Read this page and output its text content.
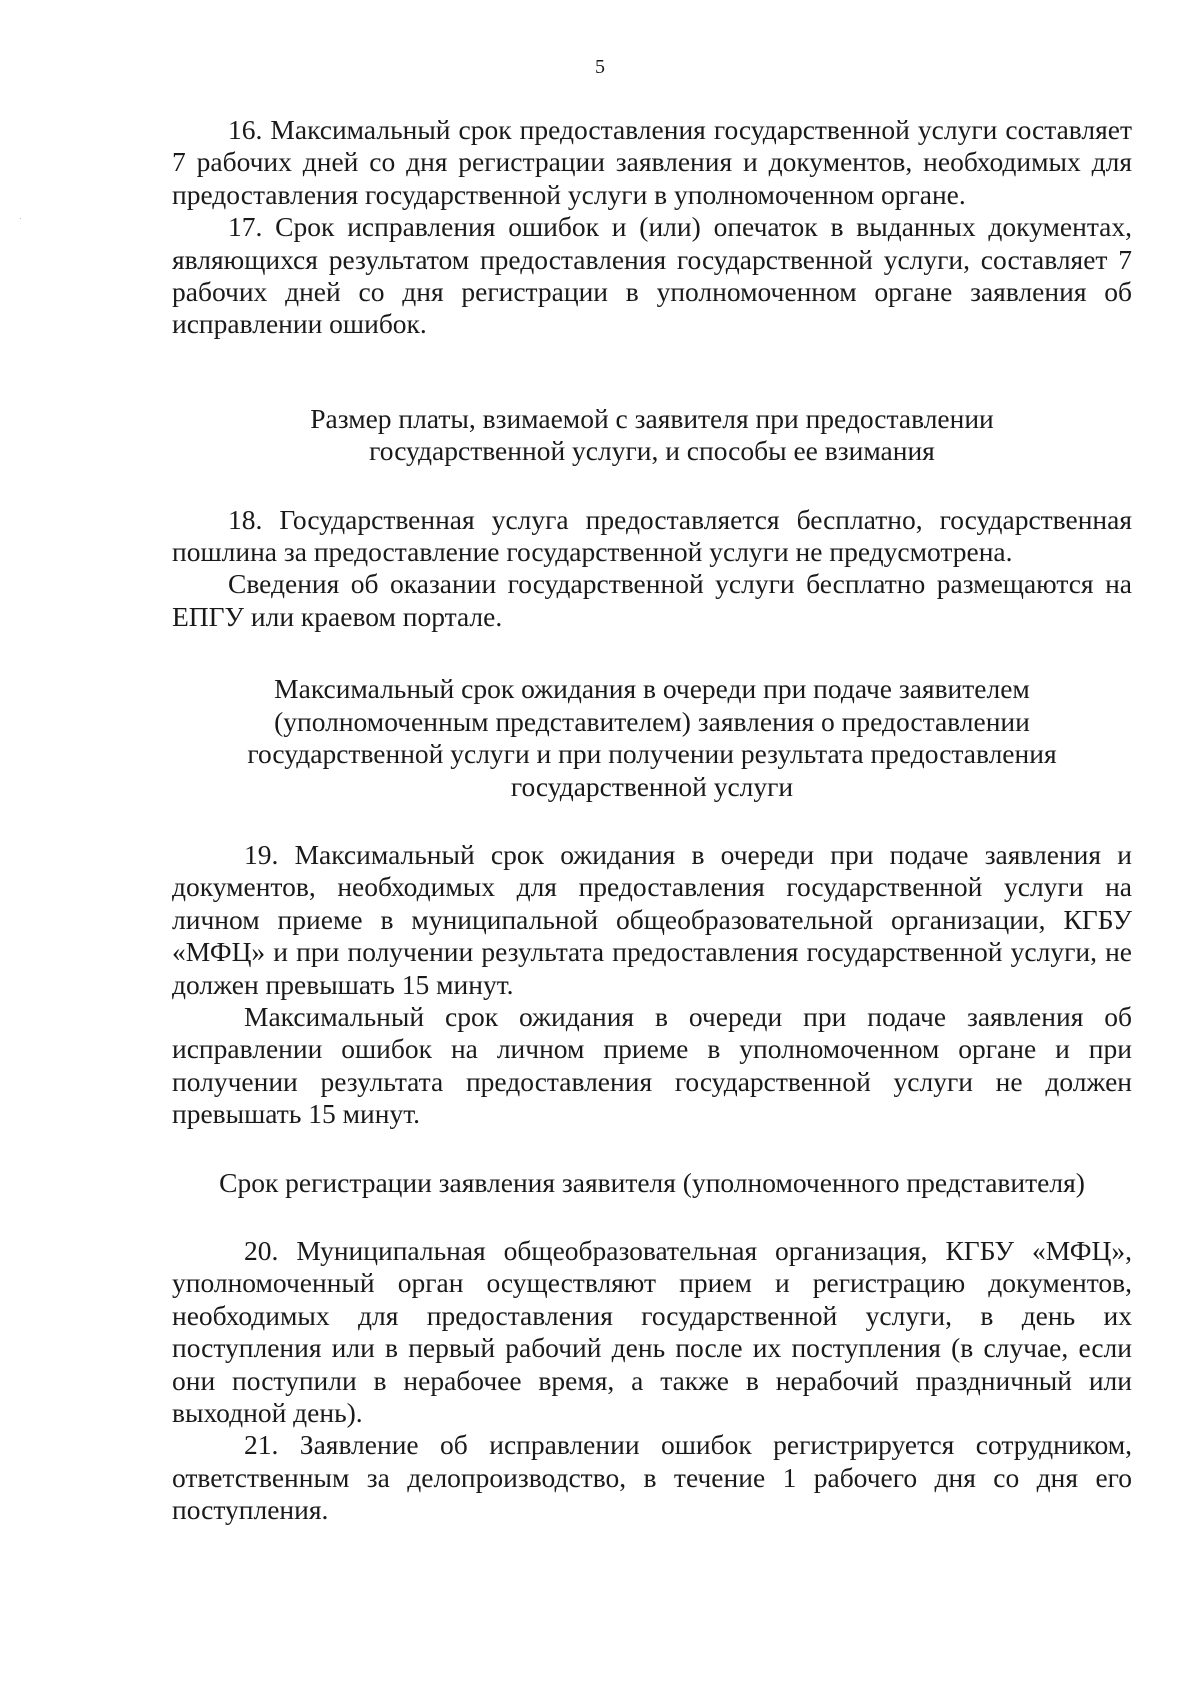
5

16. Максимальный срок предоставления государственной услуги составляет 7 рабочих дней со дня регистрации заявления и документов, необходимых для предоставления государственной услуги в уполномоченном органе.

17. Срок исправления ошибок и (или) опечаток в выданных документах, являющихся результатом предоставления государственной услуги, составляет 7 рабочих дней со дня регистрации в уполномоченном органе заявления об исправлении ошибок.

Размер платы, взимаемой с заявителя при предоставлении

государственной услуги, и способы ее взимания

18. Государственная услуга предоставляется бесплатно, государственная пошлина за предоставление государственной услуги не предусмотрена.

Сведения об оказании государственной услуги бесплатно размещаются на ЕПГУ или краевом портале.

Максимальный срок ожидания в очереди при подаче заявителем

(уполномоченным представителем) заявления о предоставлении

государственной услуги и при получении результата предоставления

государственной услуги

19. Максимальный срок ожидания в очереди при подаче заявления и документов, необходимых для предоставления государственной услуги на личном приеме в муниципальной общеобразовательной организации, КГБУ «МФЦ» и при получении результата предоставления государственной услуги, не должен превышать 15 минут.

Максимальный срок ожидания в очереди при подаче заявления об исправлении ошибок на личном приеме в уполномоченном органе и при получении результата предоставления государственной услуги не должен превышать 15 минут.

Срок регистрации заявления заявителя (уполномоченного представителя)

20. Муниципальная общеобразовательная организация, КГБУ «МФЦ», уполномоченный орган осуществляют прием и регистрацию документов, необходимых для предоставления государственной услуги, в день их поступления или в первый рабочий день после их поступления (в случае, если они поступили в нерабочее время, а также в нерабочий праздничный или выходной день).

21. Заявление об исправлении ошибок регистрируется сотрудником, ответственным за делопроизводство, в течение 1 рабочего дня со дня его поступления.
